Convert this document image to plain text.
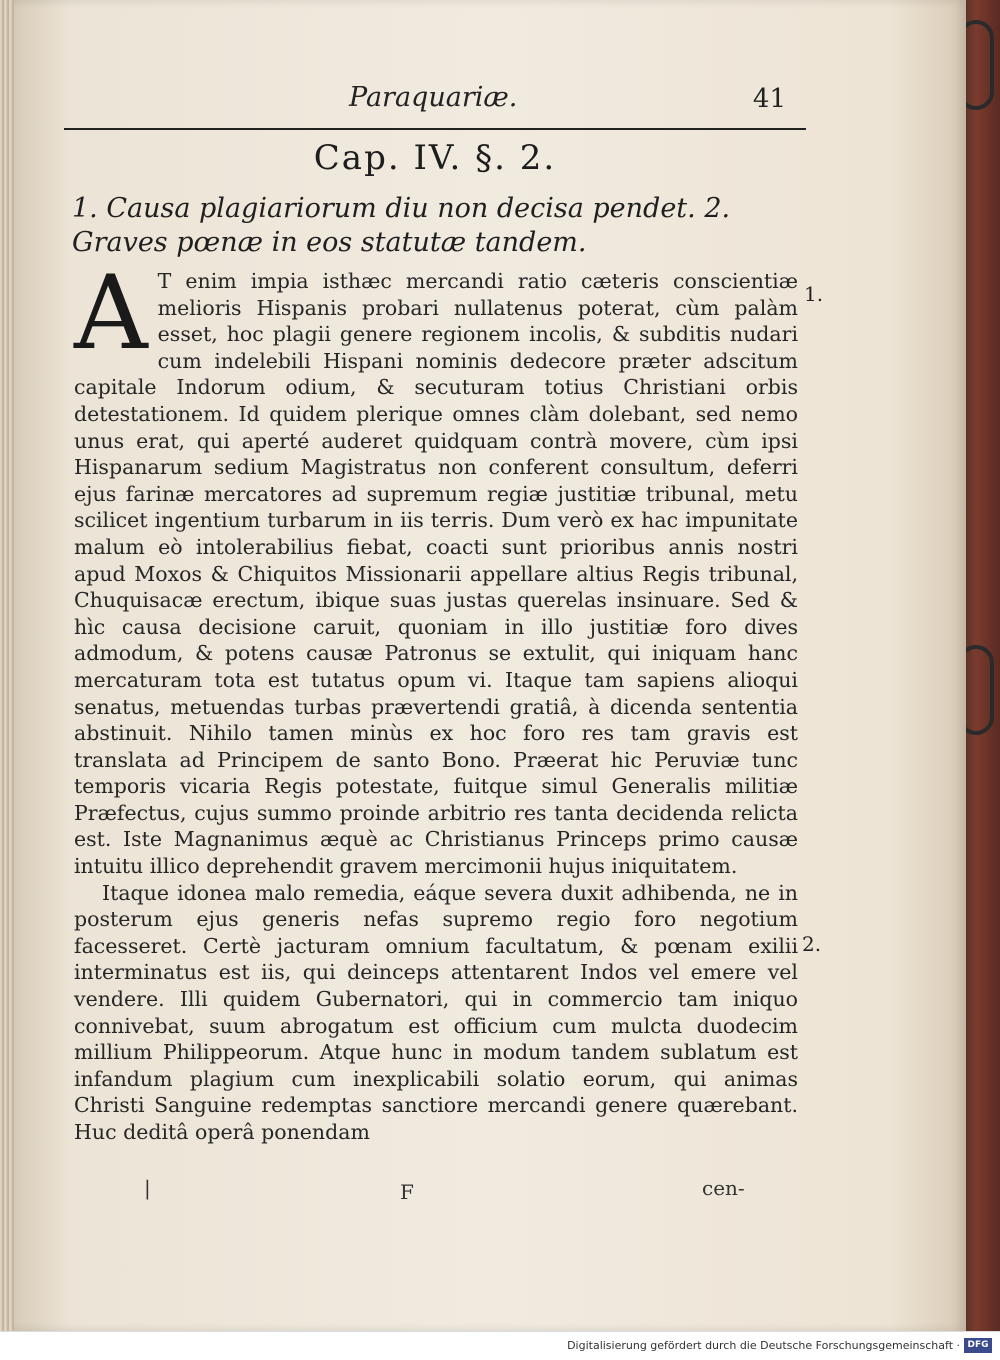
Paraquariæ.	41
Cap. IV. §. 2.
1. Causa plagiariorum diu non decisa pendet. 2. Graves pœnæ in eos statutæ tandem.

A T enim impia isthæc mercandi ratio cæteris conscientiæ melioris Hispanis probari nullatenus poterat, cùm palàm esset, hoc plagii genere regionem incolis, & subditis nudari cum indelebili Hispani nominis dedecore præter adscitum capitale Indorum odium, & secuturam totius Christiani orbis detestationem. Id quidem plerique omnes clàm dolebant, sed nemo unus erat, qui aperté auderet quidquam contrà movere, cùm ipsi Hispanarum sedium Magistratus non conferent consultum, deferri ejus farinæ mercatores ad supremum regiæ justitiæ tribunal, metu scilicet ingentium turbarum in iis terris. Dum verò ex hac impunitate malum eò intolerabilius fiebat, coacti sunt prioribus annis nostri apud Moxos & Chiquitos Missionarii appellare altius Regis tribunal, Chuquisacæ erectum, ibique suas justas querelas insinuare. Sed & hìc causa decisione caruit, quoniam in illo justitiæ foro dives admodum, & potens causæ Patronus se extulit, qui iniquam hanc mercaturam tota est tutatus opum vi. Itaque tam sapiens alioqui senatus, metuendas turbas prævertendi gratiâ, à dicenda sententia abstinuit. Nihilo tamen minùs ex hoc foro res tam gravis est translata ad Principem de santo Bono. Præerat hic Peruviæ tunc temporis vicaria Regis potestate, fuitque simul Generalis militiæ Præfectus, cujus summo proinde arbitrio res tanta decidenda relicta est. Iste Magnanimus æquè ac Christianus Princeps primo causæ intuitu illico deprehendit gravem mercimonii hujus iniquitatem.

Itaque idonea malo remedia, eáque severa duxit adhibenda, ne in posterum ejus generis nefas supremo regio foro negotium facesseret. Certè jacturam omnium facultatum, & pœnam exilii interminatus est iis, qui deinceps attentarent Indos vel emere vel vendere. Illi quidem Gubernatori, qui in commercio tam iniquo connivebat, suum abrogatum est officium cum mulcta duodecim millium Philippeorum. Atque hunc in modum tandem sublatum est infandum plagium cum inexplicabili solatio eorum, qui animas Christi Sanguine redemptas sanctiore mercandi genere quærebant. Huc deditâ operâ ponendam

1.
2.
|	F	cen-
Digitalisierung gefördert durch die Deutsche Forschungsgemeinschaft · DFG
